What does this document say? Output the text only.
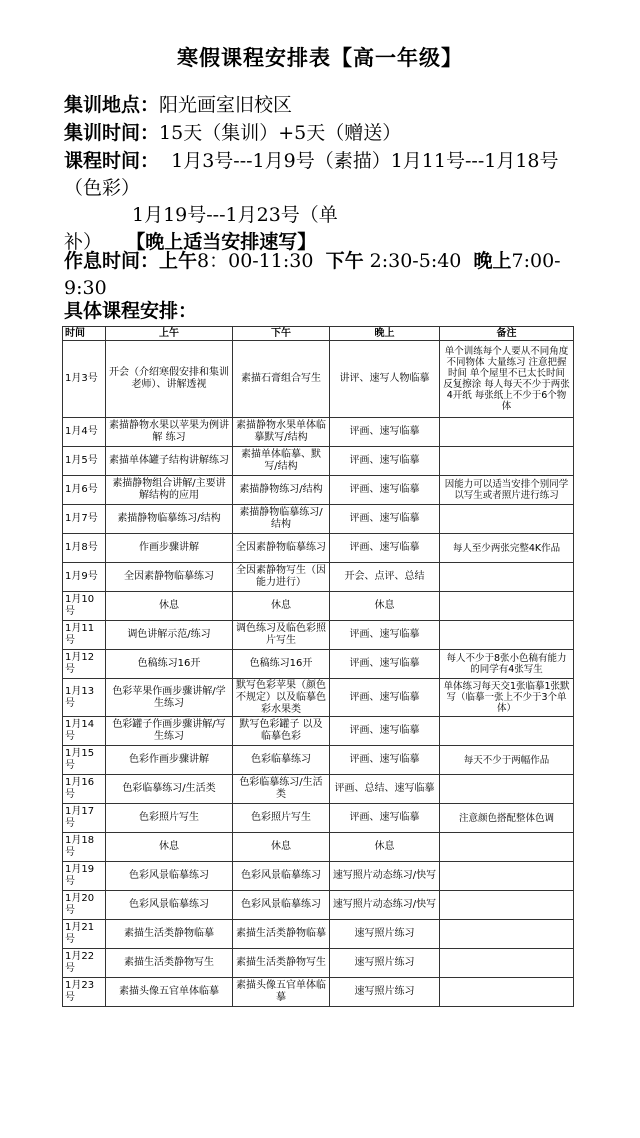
寒假课程安排表【高一年级】
集训地点：阳光画室旧校区
集训时间：15天（集训）+5天（赠送）
课程时间： 1月3号---1月9号（素描）1月11号---1月18号（色彩）
1月19号---1月23号（单补） 【晚上适当安排速写】
作息时间：上午8：00-11:30 下午 2:30-5:40 晚上7:00-9:30
具体课程安排：
时间	上午	下午	晚上	备注
1月3号	开会（介绍寒假安排和集训老师）、讲解透视	素描石膏组合写生	讲评、速写人物临摹	单个训练每个人要从不同角度 不同物体 大量练习 注意把握时间 单个屋里不已太长时间 反复擦涂 每人每天不少于两张4开纸 每张纸上不少于6个物体
1月4号	素描静物水果以苹果为例讲解 练习	素描静物水果单体临摹默写/结构	评画、速写临摹	
1月5号	素描单体罐子结构讲解练习	素描单体临摹、默写/结构	评画、速写临摹	
1月6号	素描静物组合讲解/主要讲解结构的应用	素描静物练习/结构	评画、速写临摹	因能力可以适当安排个别同学以写生或者照片进行练习
1月7号	素描静物临摹练习/结构	素描静物临摹练习/结构	评画、速写临摹	
1月8号	作画步骤讲解	全因素静物临摹练习	评画、速写临摹	每人至少两张完整4K作品
1月9号	全因素静物临摹练习	全因素静物写生（因能力进行）	开会、点评、总结	
1月10号	休息	休息	休息	
1月11号	调色讲解示范/练习	调色练习及临色彩照片写生	评画、速写临摹	
1月12号	色稿练习16开	色稿练习16开	评画、速写临摹	每人不少于8张小色稿有能力的同学有4张写生
1月13号	色彩苹果作画步骤讲解/学生练习	默写色彩苹果（颜色不规定）以及临摹色彩水果类	评画、速写临摹	单体练习每天交1张临摹1张默写（临摹一张上不少于3个单体）
1月14号	色彩罐子作画步骤讲解/写生练习	默写色彩罐子 以及临摹色彩	评画、速写临摹	
1月15号	色彩作画步骤讲解	色彩临摹练习	评画、速写临摹	每天不少于两幅作品
1月16号	色彩临摹练习/生活类	色彩临摹练习/生活类	评画、总结、速写临摹	
1月17号	色彩照片写生	色彩照片写生	评画、速写临摹	注意颜色搭配整体色调
1月18号	休息	休息	休息	
1月19号	色彩风景临摹练习	色彩风景临摹练习	速写照片动态练习/快写	
1月20号	色彩风景临摹练习	色彩风景临摹练习	速写照片动态练习/快写	
1月21号	素描生活类静物临摹	素描生活类静物临摹	速写照片练习	
1月22号	素描生活类静物写生	素描生活类静物写生	速写照片练习	
1月23号	素描头像五官单体临摹	素描头像五官单体临摹	速写照片练习	
